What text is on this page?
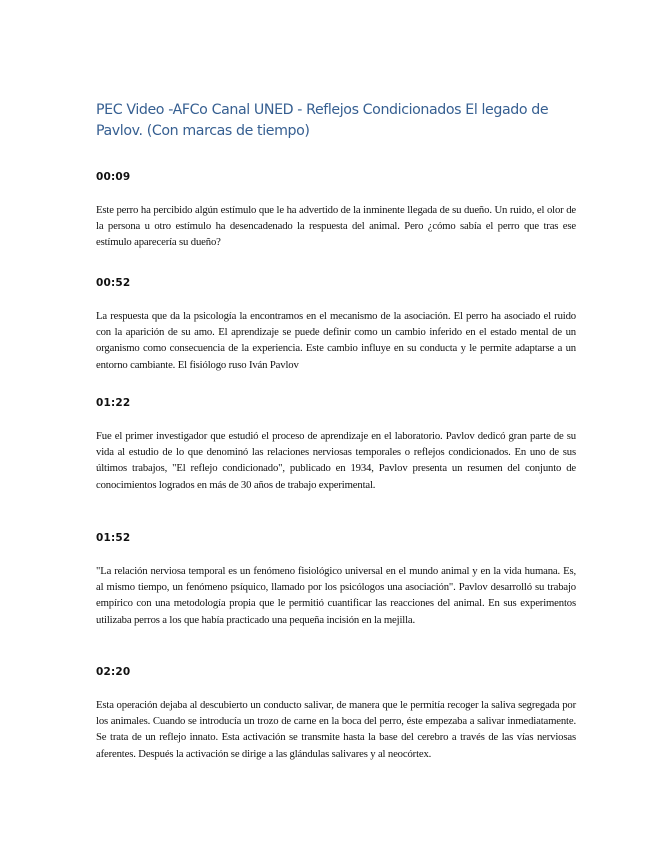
PEC Video -AFCo Canal UNED - Reflejos Condicionados El legado de Pavlov. (Con marcas de tiempo)

00:09

Este perro ha percibido algún estímulo que le ha advertido de la inminente llegada de su dueño. Un ruido, el olor de la persona u otro estímulo ha desencadenado la respuesta del animal. Pero ¿cómo sabía el perro que tras ese estímulo aparecería su dueño?

00:52

La respuesta que da la psicología la encontramos en el mecanismo de la asociación. El perro ha asociado el ruido con la aparición de su amo. El aprendizaje se puede definir como un cambio inferido en el estado mental de un organismo como consecuencia de la experiencia. Este cambio influye en su conducta y le permite adaptarse a un entorno cambiante. El fisiólogo ruso Iván Pavlov

01:22

Fue el primer investigador que estudió el proceso de aprendizaje en el laboratorio. Pavlov dedicó gran parte de su vida al estudio de lo que denominó las relaciones nerviosas temporales o reflejos condicionados. En uno de sus últimos trabajos, "El reflejo condicionado", publicado en 1934, Pavlov presenta un resumen del conjunto de conocimientos logrados en más de 30 años de trabajo experimental.

01:52

"La relación nerviosa temporal es un fenómeno fisiológico universal en el mundo animal y en la vida humana. Es, al mismo tiempo, un fenómeno psíquico, llamado por los psicólogos una asociación". Pavlov desarrolló su trabajo empírico con una metodología propia que le permitió cuantificar las reacciones del animal. En sus experimentos utilizaba perros a los que había practicado una pequeña incisión en la mejilla.

02:20

Esta operación dejaba al descubierto un conducto salivar, de manera que le permitía recoger la saliva segregada por los animales. Cuando se introducía un trozo de carne en la boca del perro, éste empezaba a salivar inmediatamente. Se trata de un reflejo innato. Esta activación se transmite hasta la base del cerebro a través de las vías nerviosas aferentes. Después la activación se dirige a las glándulas salivares y al neocórtex.
